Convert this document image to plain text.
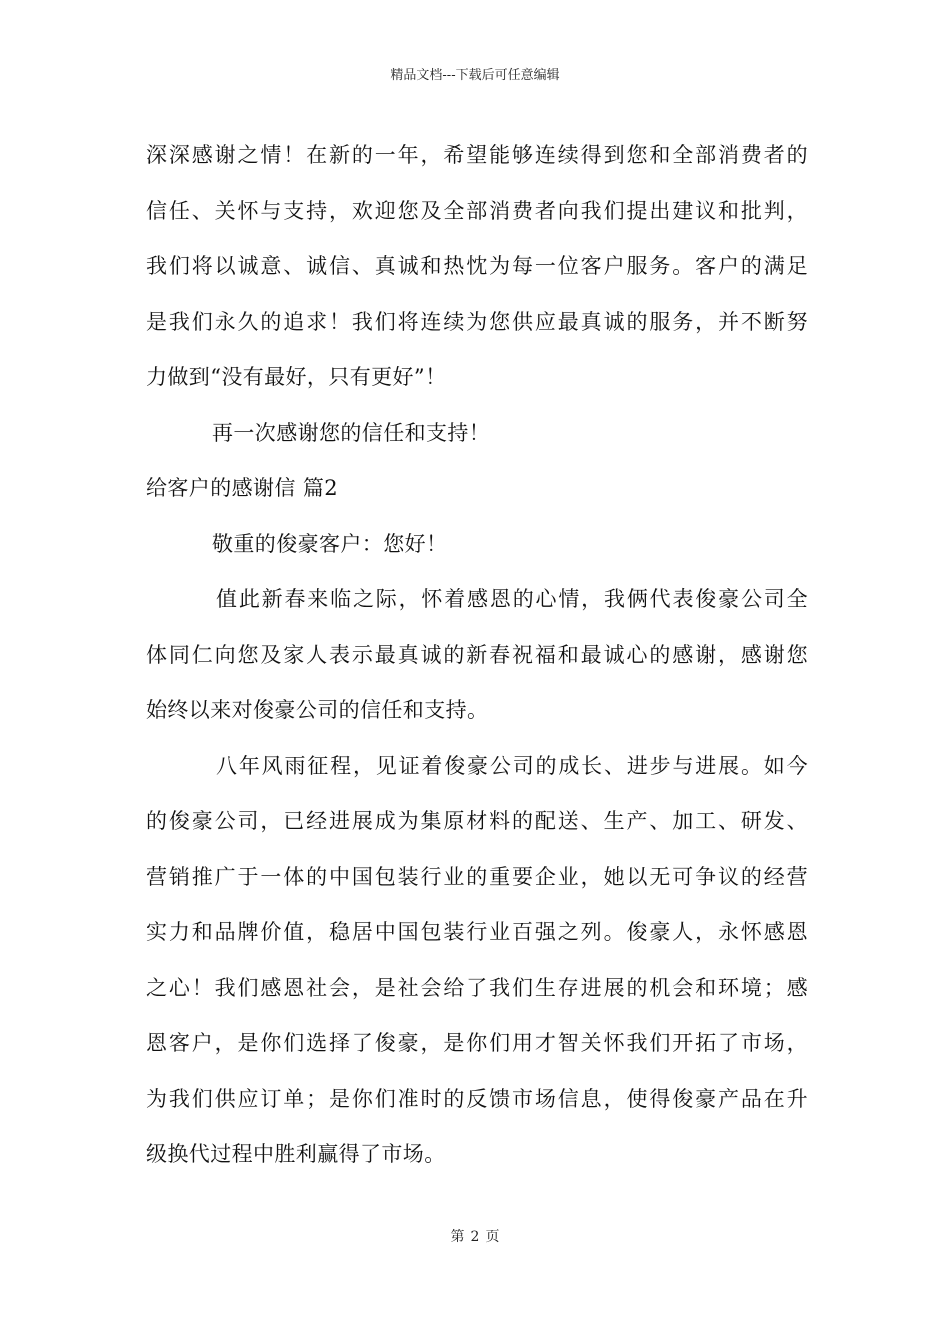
精品文档---下载后可任意编辑
深深感谢之情！在新的一年，希望能够连续得到您和全部消费者的
信任、关怀与支持，欢迎您及全部消费者向我们提出建议和批判，
我们将以诚意、诚信、真诚和热忱为每一位客户服务。客户的满足
是我们永久的追求！我们将连续为您供应最真诚的服务，并不断努
力做到“没有最好，只有更好”！
再一次感谢您的信任和支持！
给客户的感谢信 篇2
敬重的俊豪客户：您好！
值此新春来临之际，怀着感恩的心情，我俩代表俊豪公司全
体同仁向您及家人表示最真诚的新春祝福和最诚心的感谢，感谢您
始终以来对俊豪公司的信任和支持。
八年风雨征程，见证着俊豪公司的成长、进步与进展。如今
的俊豪公司，已经进展成为集原材料的配送、生产、加工、研发、
营销推广于一体的中国包装行业的重要企业，她以无可争议的经营
实力和品牌价值，稳居中国包装行业百强之列。俊豪人，永怀感恩
之心！我们感恩社会，是社会给了我们生存进展的机会和环境；感
恩客户，是你们选择了俊豪，是你们用才智关怀我们开拓了市场，
为我们供应订单；是你们准时的反馈市场信息，使得俊豪产品在升
级换代过程中胜利赢得了市场。
第 2 页
